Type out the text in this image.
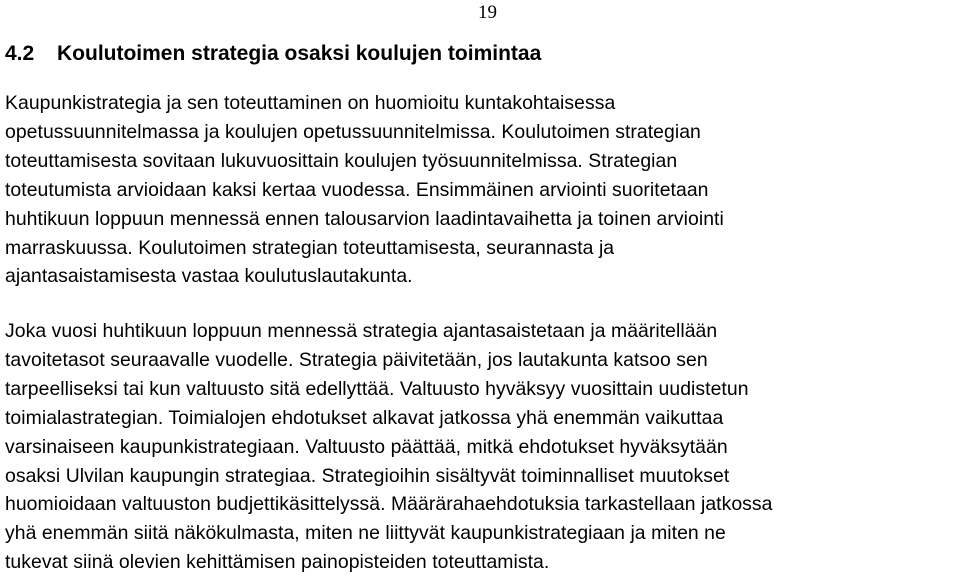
19
4.2 Koulutoimen strategia osaksi koulujen toimintaa
Kaupunkistrategia ja sen toteuttaminen on huomioitu kuntakohtaisessa
opetussuunnitelmassa ja koulujen opetussuunnitelmissa. Koulutoimen strategian
toteuttamisesta sovitaan lukuvuosittain koulujen työsuunnitelmissa. Strategian
toteutumista arvioidaan kaksi kertaa vuodessa. Ensimmäinen arviointi suoritetaan
huhtikuun loppuun mennessä ennen talousarvion laadintavaihetta ja toinen arviointi
marraskuussa. Koulutoimen strategian toteuttamisesta, seurannasta ja
ajantasaistamisesta vastaa koulutuslautakunta.
Joka vuosi huhtikuun loppuun mennessä strategia ajantasaistetaan ja määritellään
tavoitetasot seuraavalle vuodelle. Strategia päivitetään, jos lautakunta katsoo sen
tarpeelliseksi tai kun valtuusto sitä edellyttää. Valtuusto hyväksyy vuosittain uudistetun
toimialastrategian. Toimialojen ehdotukset alkavat jatkossa yhä enemmän vaikuttaa
varsinaiseen kaupunkistrategiaan. Valtuusto päättää, mitkä ehdotukset hyväksytään
osaksi Ulvilan kaupungin strategiaa. Strategioihin sisältyvät toiminnalliset muutokset
huomioidaan valtuuston budjettikäsittelyssä. Määrärahaehdotuksia tarkastellaan jatkossa
yhä enemmän siitä näkökulmasta, miten ne liittyvät kaupunkistrategiaan ja miten ne
tukevat siinä olevien kehittämisen painopisteiden toteuttamista.
